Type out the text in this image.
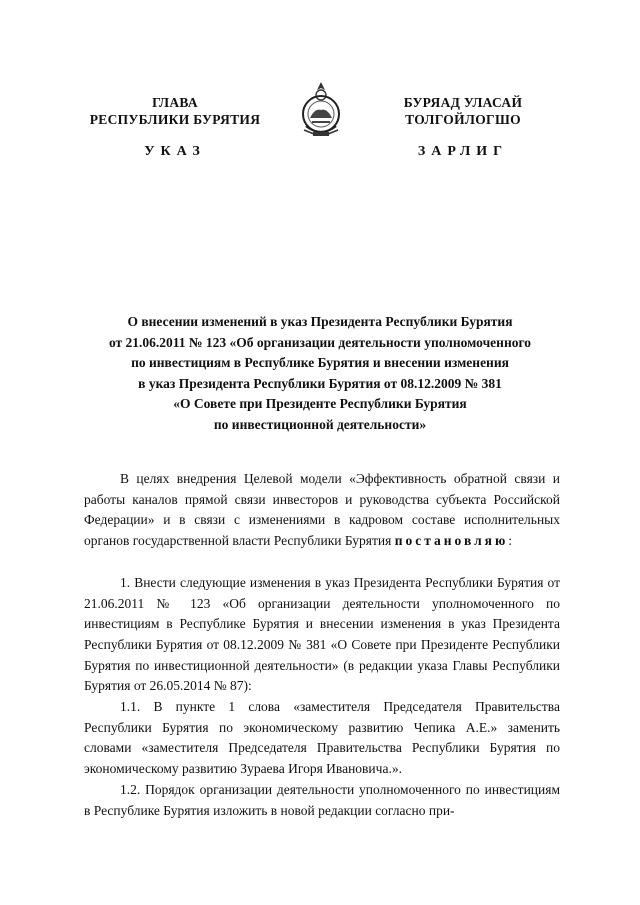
ГЛАВА
РЕСПУБЛИКИ БУРЯТИЯ
УКАЗ
БУРЯАД УЛАСАЙ
ТОЛГОЙЛОГШО
ЗАРЛИГ
О внесении изменений в указ Президента Республики Бурятия
от 21.06.2011 № 123 «Об организации деятельности уполномоченного
по инвестициям в Республике Бурятия и внесении изменения
в указ Президента Республики Бурятия от 08.12.2009 № 381
«О Совете при Президенте Республики Бурятия
по инвестиционной деятельности»

В целях внедрения Целевой модели «Эффективность обратной связи и работы каналов прямой связи инвесторов и руководства субъекта Российской Федерации» и в связи с изменениями в кадровом составе исполнительных органов государственной власти Республики Бурятия постановляю:

1. Внести следующие изменения в указ Президента Республики Бурятия от 21.06.2011 № 123 «Об организации деятельности уполномоченного по инвестициям в Республике Бурятия и внесении изменения в указ Президента Республики Бурятия от 08.12.2009 № 381 «О Совете при Президенте Республики Бурятия по инвестиционной деятельности» (в редакции указа Главы Республики Бурятия от 26.05.2014 № 87):

1.1. В пункте 1 слова «заместителя Председателя Правительства Республики Бурятия по экономическому развитию Чепика А.Е.» заменить словами «заместителя Председателя Правительства Республики Бурятия по экономическому развитию Зураева Игоря Ивановича.».

1.2. Порядок организации деятельности уполномоченного по инвестициям в Республике Бурятия изложить в новой редакции согласно при-
